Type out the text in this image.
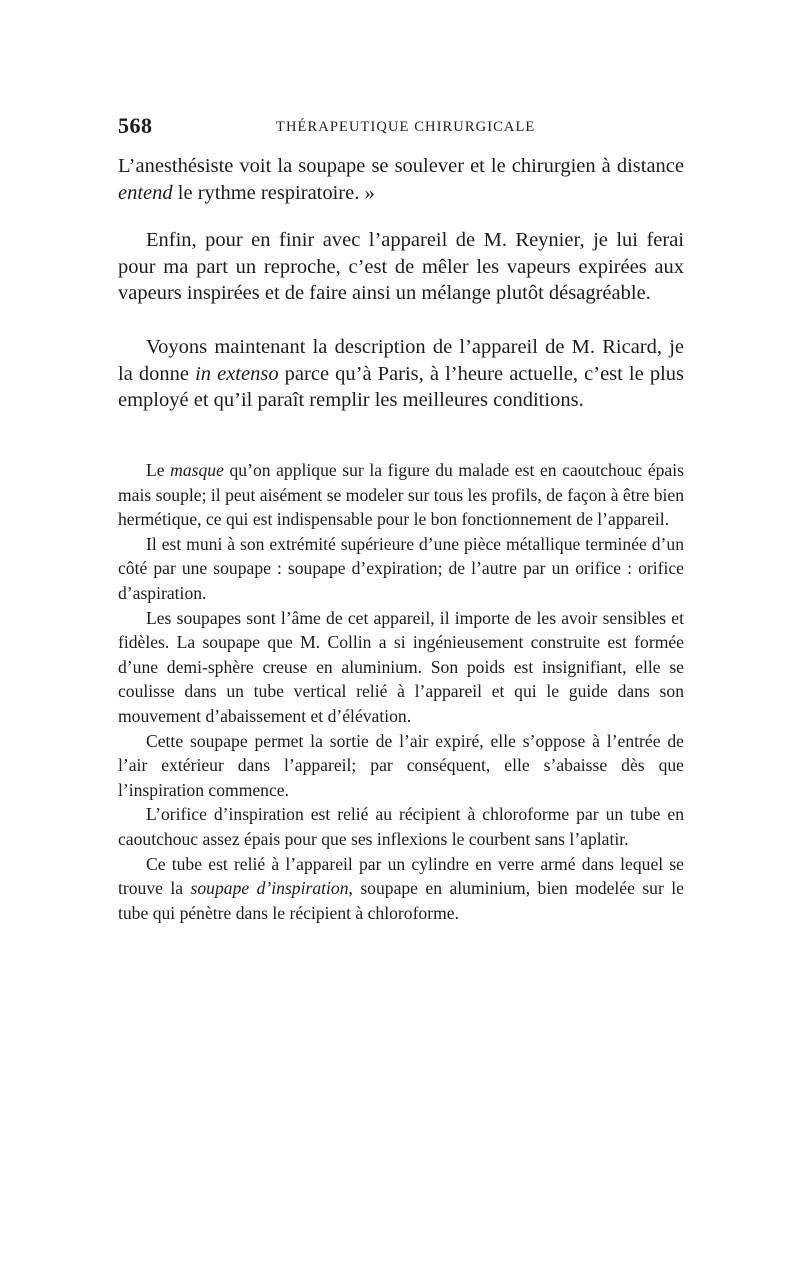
568	THÉRAPEUTIQUE CHIRURGICALE

L’anesthésiste voit la soupape se soulever et le chirurgien à distance entend le rythme respiratoire. »

Enfin, pour en finir avec l’appareil de M. Reynier, je lui ferai pour ma part un reproche, c’est de mêler les vapeurs expirées aux vapeurs inspirées et de faire ainsi un mélange plutôt désagréable.

Voyons maintenant la description de l’appareil de M. Ricard, je la donne in extenso parce qu’à Paris, à l’heure actuelle, c’est le plus employé et qu’il paraît remplir les meilleures conditions.

Le masque qu’on applique sur la figure du malade est en caoutchouc épais mais souple; il peut aisément se modeler sur tous les profils, de façon à être bien hermétique, ce qui est indispensable pour le bon fonctionnement de l’appareil.

Il est muni à son extrémité supérieure d’une pièce métallique terminée d’un côté par une soupape : soupape d’expiration; de l’autre par un orifice : orifice d’aspiration.

Les soupapes sont l’âme de cet appareil, il importe de les avoir sensibles et fidèles. La soupape que M. Collin a si ingénieusement construite est formée d’une demi-sphère creuse en aluminium. Son poids est insignifiant, elle se coulisse dans un tube vertical relié à l’appareil et qui le guide dans son mouvement d’abaissement et d’élévation.

Cette soupape permet la sortie de l’air expiré, elle s’oppose à l’entrée de l’air extérieur dans l’appareil; par conséquent, elle s’abaisse dès que l’inspiration commence.

L’orifice d’inspiration est relié au récipient à chloroforme par un tube en caoutchouc assez épais pour que ses inflexions le courbent sans l’aplatir.

Ce tube est relié à l’appareil par un cylindre en verre armé dans lequel se trouve la soupape d’inspiration, soupape en aluminium, bien modelée sur le tube qui pénètre dans le récipient à chloroforme.
